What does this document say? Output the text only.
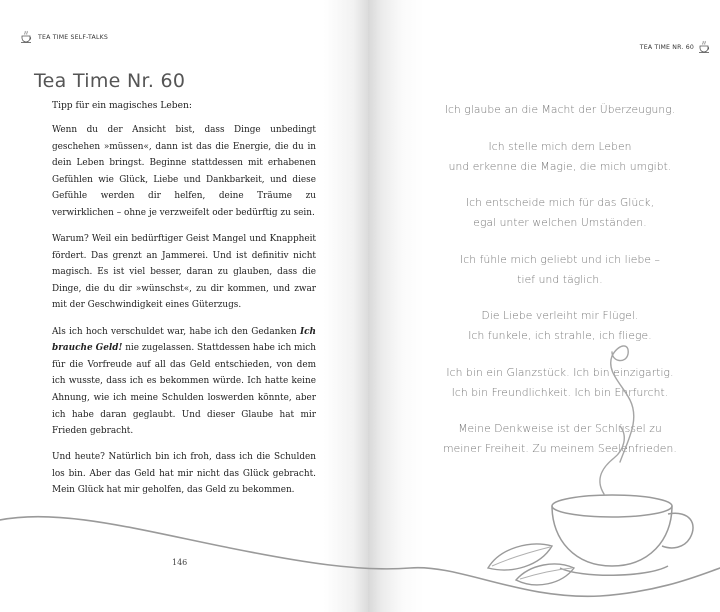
TEA TIME SELF-TALKS
Tea Time Nr. 60
Tipp für ein magisches Leben:

Wenn du der Ansicht bist, dass Dinge unbedingt geschehen »müssen«, dann ist das die Energie, die du in dein Leben bringst. Beginne stattdessen mit erhabenen Gefühlen wie Glück, Liebe und Dankbarkeit, und diese Gefühle werden dir helfen, deine Träume zu verwirklichen – ohne je verzweifelt oder bedürftig zu sein.

Warum? Weil ein bedürftiger Geist Mangel und Knappheit fördert. Das grenzt an Jammerei. Und ist definitiv nicht magisch. Es ist viel besser, daran zu glauben, dass die Dinge, die du dir »wünschst«, zu dir kommen, und zwar mit der Geschwindigkeit eines Güterzugs.

Als ich hoch verschuldet war, habe ich den Gedanken Ich brauche Geld! nie zugelassen. Stattdessen habe ich mich für die Vorfreude auf all das Geld entschieden, von dem ich wusste, dass ich es bekommen würde. Ich hatte keine Ahnung, wie ich meine Schulden loswerden könnte, aber ich habe daran geglaubt. Und dieser Glaube hat mir Frieden gebracht.

Und heute? Natürlich bin ich froh, dass ich die Schulden los bin. Aber das Geld hat mir nicht das Glück gebracht. Mein Glück hat mir geholfen, das Geld zu bekommen.

146
TEA TIME NR. 60
Ich glaube an die Macht der Überzeugung.
Ich stelle mich dem Leben
und erkenne die Magie, die mich umgibt.
Ich entscheide mich für das Glück,
egal unter welchen Umständen.
Ich fühle mich geliebt und ich liebe –
tief und täglich.
Die Liebe verleiht mir Flügel.
Ich funkele, ich strahle, ich fliege.
Ich bin ein Glanzstück. Ich bin einzigartig.
Ich bin Freundlichkeit. Ich bin Ehrfurcht.
Meine Denkweise ist der Schlüssel zu
meiner Freiheit. Zu meinem Seelenfrieden.
